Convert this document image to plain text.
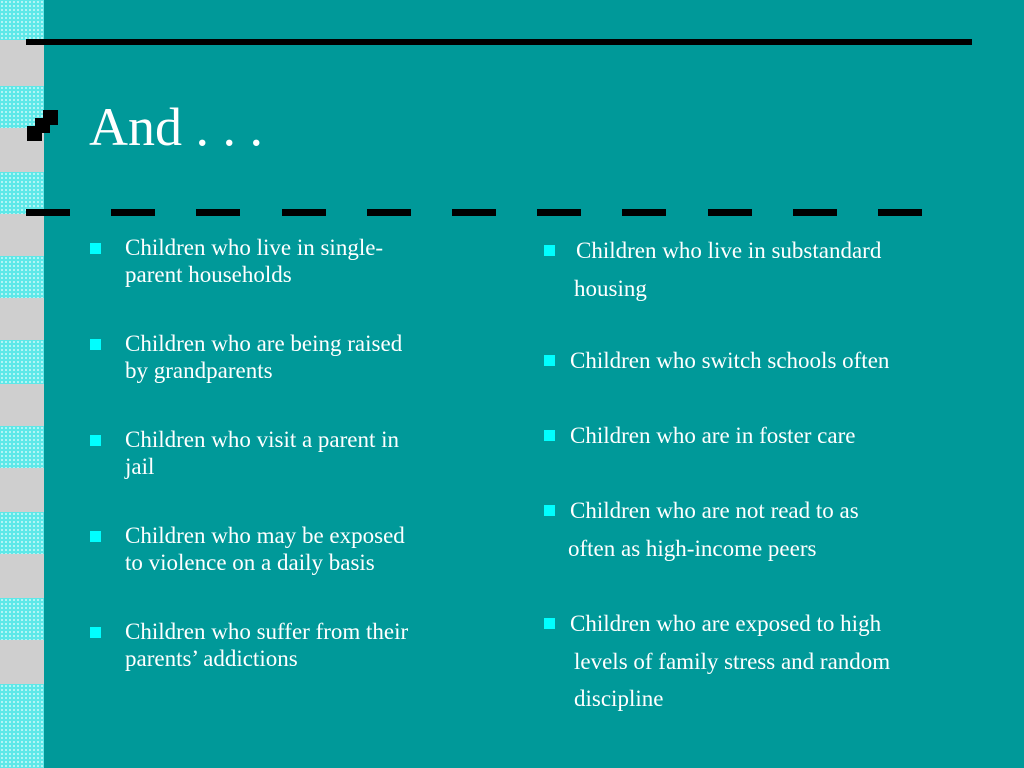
And . . .
Children who live in single-
parent households
Children who are being raised
by grandparents
Children who visit a parent in
jail
Children who may be exposed
to violence on a daily basis
Children who suffer from their
parents’ addictions
Children who live in substandard
housing
Children who switch schools often
Children who are in foster care
Children who are not read to as
often as high-income peers
Children who are exposed to high
levels of family stress and random
discipline
